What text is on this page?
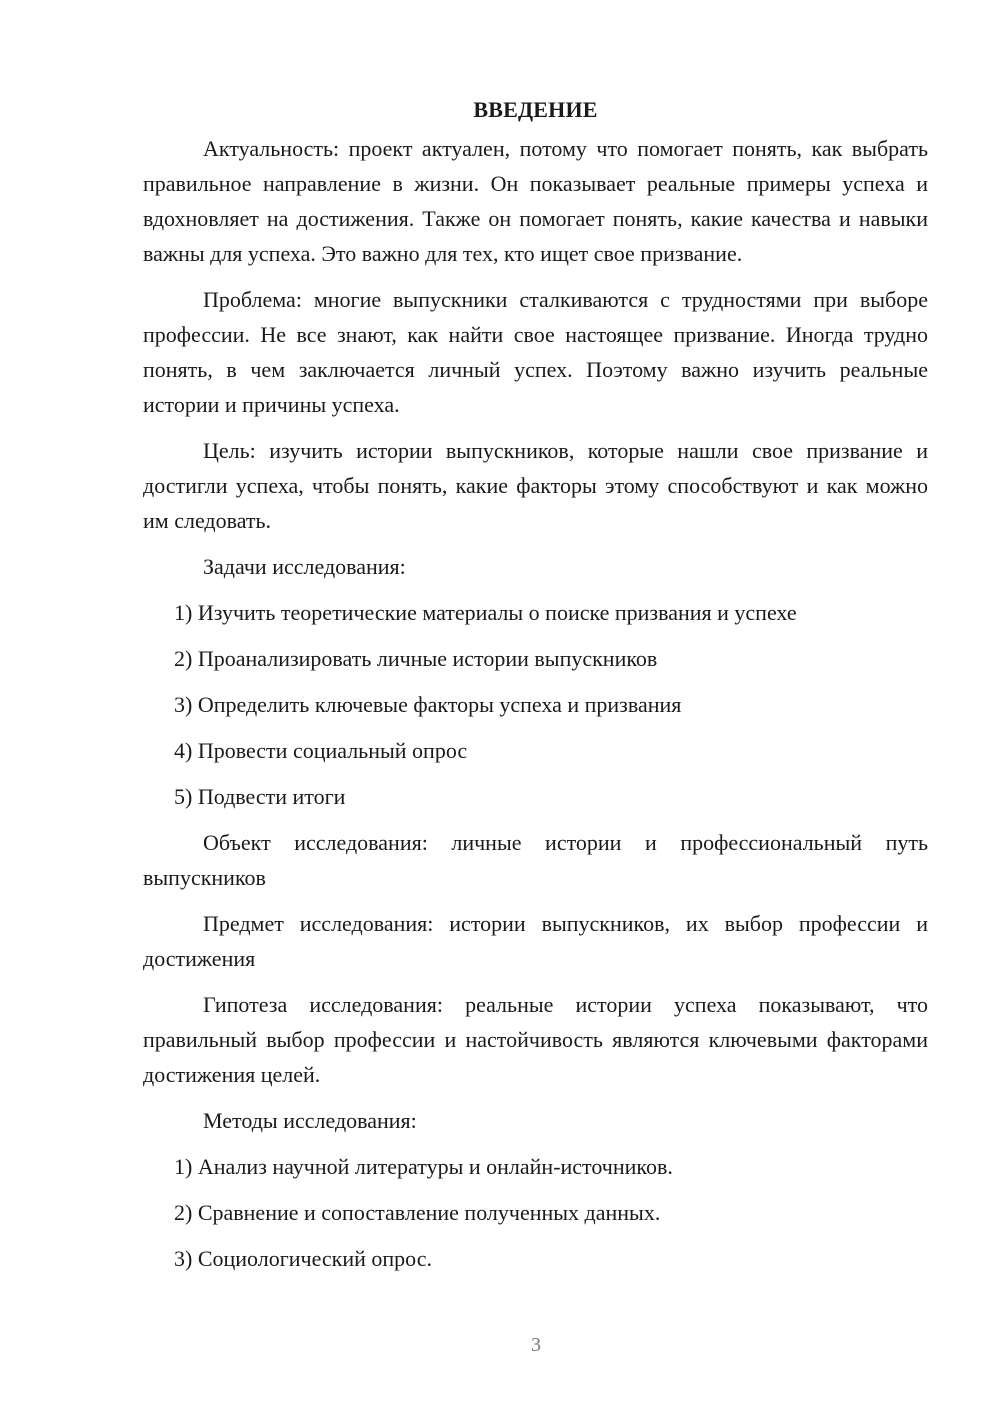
ВВЕДЕНИЕ

Актуальность: проект актуален, потому что помогает понять, как выбрать правильное направление в жизни. Он показывает реальные примеры успеха и вдохновляет на достижения. Также он помогает понять, какие качества и навыки важны для успеха. Это важно для тех, кто ищет свое призвание.

Проблема: многие выпускники сталкиваются с трудностями при выборе профессии. Не все знают, как найти свое настоящее призвание. Иногда трудно понять, в чем заключается личный успех. Поэтому важно изучить реальные истории и причины успеха.

Цель: изучить истории выпускников, которые нашли свое призвание и достигли успеха, чтобы понять, какие факторы этому способствуют и как можно им следовать.

Задачи исследования:

1) Изучить теоретические материалы о поиске призвания и успехе
2) Проанализировать личные истории выпускников
3) Определить ключевые факторы успеха и призвания
4) Провести социальный опрос
5) Подвести итоги

Объект исследования: личные истории и профессиональный путь выпускников

Предмет исследования: истории выпускников, их выбор профессии и достижения

Гипотеза исследования: реальные истории успеха показывают, что правильный выбор профессии и настойчивость являются ключевыми факторами достижения целей.

Методы исследования:

1) Анализ научной литературы и онлайн-источников.
2) Сравнение и сопоставление полученных данных.
3) Социологический опрос.
3
